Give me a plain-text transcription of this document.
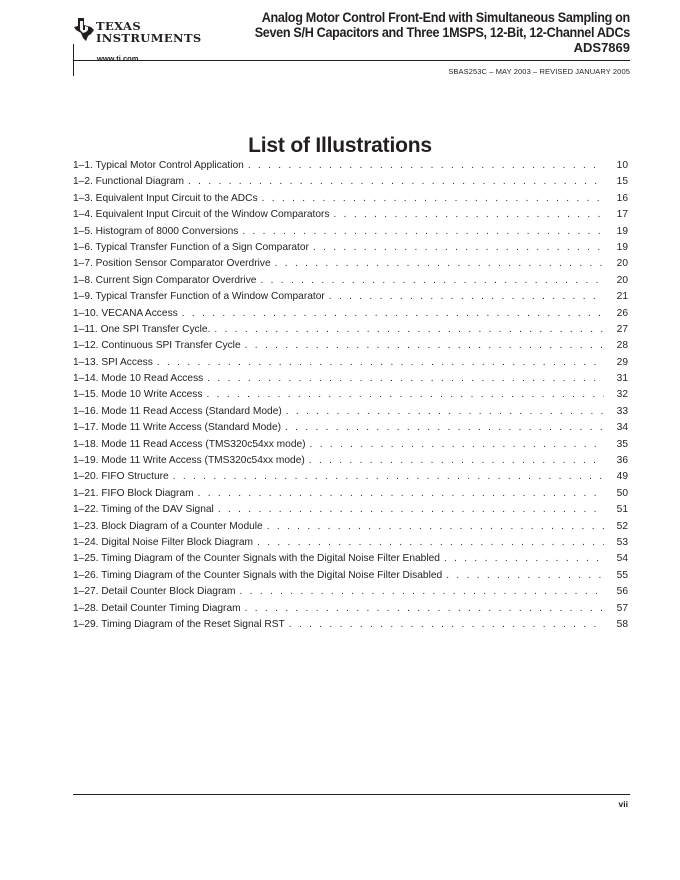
TEXAS
INSTRUMENTS
www.ti.com
Analog Motor Control Front-End with Simultaneous Sampling on
Seven S/H Capacitors and Three 1MSPS, 12-Bit, 12-Channel ADCs
ADS7869
SBAS253C – MAY 2003 – REVISED JANUARY 2005
List of Illustrations
1–1. Typical Motor Control Application . . .	10
1–2. Functional Diagram . . .	15
1–3. Equivalent Input Circuit to the ADCs . . .	16
1–4. Equivalent Input Circuit of the Window Comparators . . .	17
1–5. Histogram of 8000 Conversions . . .	19
1–6. Typical Transfer Function of a Sign Comparator . . .	19
1–7. Position Sensor Comparator Overdrive . . .	20
1–8. Current Sign Comparator Overdrive . . .	20
1–9. Typical Transfer Function of a Window Comparator . . .	21
1–10. VECANA Access . . .	26
1–11. One SPI Transfer Cycle. . . .	27
1–12. Continuous SPI Transfer Cycle . . .	28
1–13. SPI Access . . .	29
1–14. Mode 10 Read Access . . .	31
1–15. Mode 10 Write Access . . .	32
1–16. Mode 11 Read Access (Standard Mode) . . .	33
1–17. Mode 11 Write Access (Standard Mode) . . .	34
1–18. Mode 11 Read Access (TMS320c54xx mode) . . .	35
1–19. Mode 11 Write Access (TMS320c54xx mode) . . .	36
1–20. FIFO Structure . . .	49
1–21. FIFO Block Diagram . . .	50
1–22. Timing of the DAV Signal . . .	51
1–23. Block Diagram of a Counter Module . . .	52
1–24. Digital Noise Filter Block Diagram . . .	53
1–25. Timing Diagram of the Counter Signals with the Digital Noise Filter Enabled . . .	54
1–26. Timing Diagram of the Counter Signals with the Digital Noise Filter Disabled . . .	55
1–27. Detail Counter Block Diagram . . .	56
1–28. Detail Counter Timing Diagram . . .	57
1–29. Timing Diagram of the Reset Signal RST . . .	58
vii
